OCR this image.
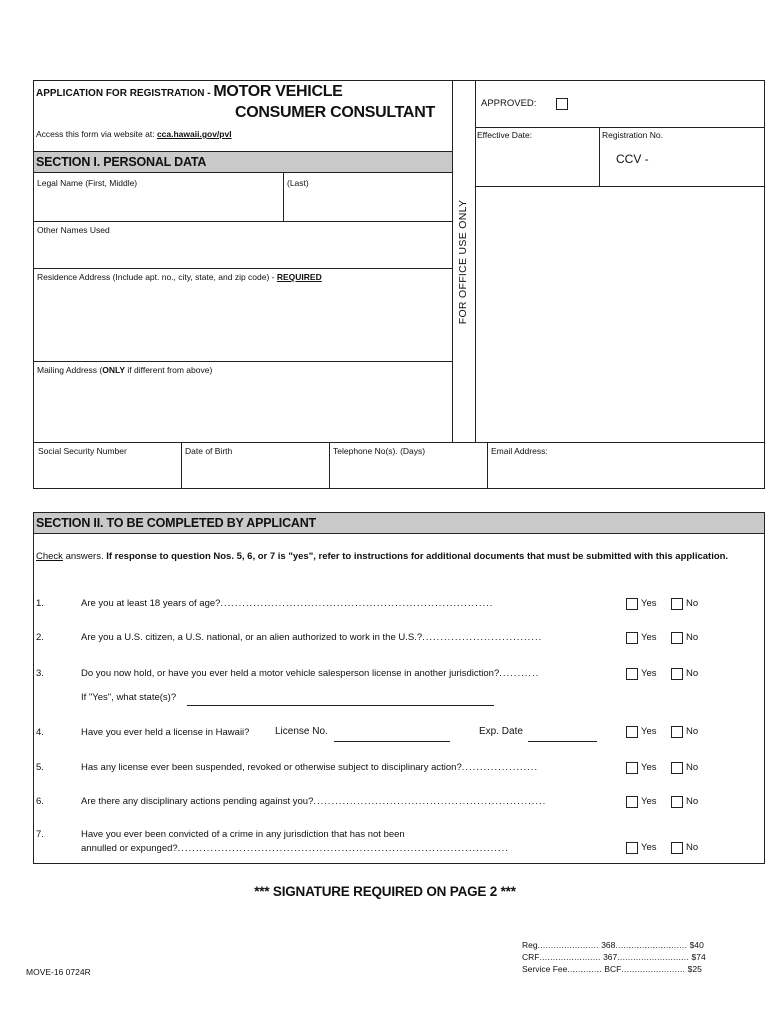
APPLICATION FOR REGISTRATION - MOTOR VEHICLE
CONSUMER CONSULTANT
Access this form via website at: cca.hawaii.gov/pvl
APPROVED:
Effective Date:	Registration No.
CCV -
FOR OFFICE USE ONLY
SECTION I. PERSONAL DATA
Legal Name (First, Middle)	(Last)
Other Names Used
Residence Address (Include apt. no., city, state, and zip code) - REQUIRED
Mailing Address (ONLY if different from above)
Social Security Number	Date of Birth	Telephone No(s). (Days)	Email Address:
SECTION II. TO BE COMPLETED BY APPLICANT
Check answers. If response to question Nos. 5, 6, or 7 is "yes", refer to instructions for additional documents that must be submitted with this application.
1.	Are you at least 18 years of age?...........................................................................	Yes	No
2.	Are you a U.S. citizen, a U.S. national, or an alien authorized to work in the U.S.?.................................	Yes	No
3.	Do you now hold, or have you ever held a motor vehicle salesperson license in another jurisdiction?...........	Yes	No
If "Yes", what state(s)?
4.	Have you ever held a license in Hawaii?	License No.	Exp. Date	Yes	No
5.	Has any license ever been suspended, revoked or otherwise subject to disciplinary action?.....................	Yes	No
6.	Are there any disciplinary actions pending against you?................................................................	Yes	No
7.	Have you ever been convicted of a crime in any jurisdiction that has not been
annulled or expunged?...........................................................................................	Yes	No
*** SIGNATURE REQUIRED ON PAGE 2 ***
MOVE-16 0724R
Reg....................... 368........................... $40
CRF....................... 367........................... $74
Service Fee............. BCF........................ $25
